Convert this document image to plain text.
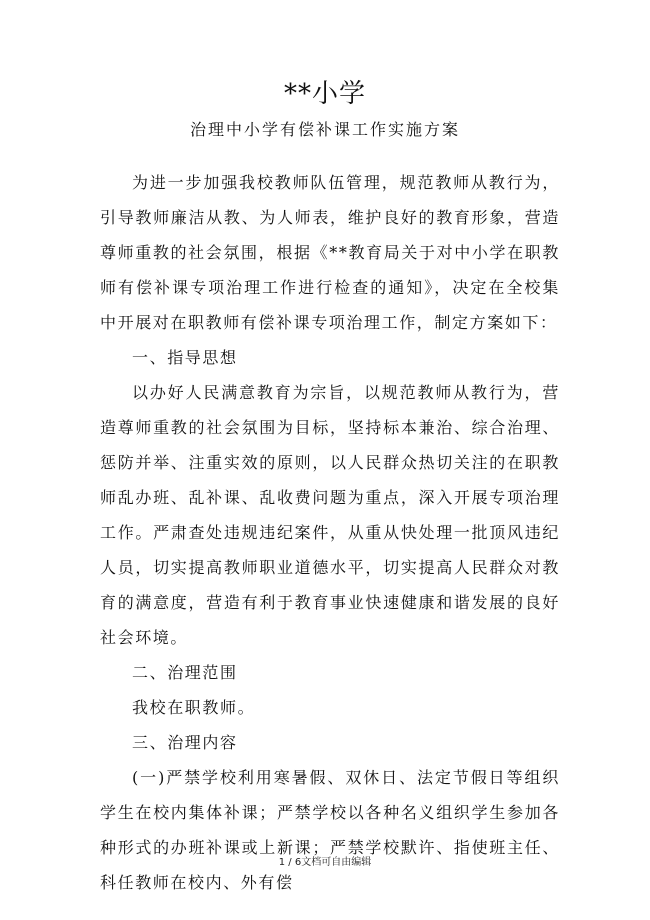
**小学
治理中小学有偿补课工作实施方案

为进一步加强我校教师队伍管理，规范教师从教行为，引导教师廉洁从教、为人师表，维护良好的教育形象，营造尊师重教的社会氛围，根据《**教育局关于对中小学在职教师有偿补课专项治理工作进行检查的通知》，决定在全校集中开展对在职教师有偿补课专项治理工作，制定方案如下：

一、指导思想

以办好人民满意教育为宗旨，以规范教师从教行为，营造尊师重教的社会氛围为目标，坚持标本兼治、综合治理、惩防并举、注重实效的原则，以人民群众热切关注的在职教师乱办班、乱补课、乱收费问题为重点，深入开展专项治理工作。严肃查处违规违纪案件，从重从快处理一批顶风违纪人员，切实提高教师职业道德水平，切实提高人民群众对教育的满意度，营造有利于教育事业快速健康和谐发展的良好社会环境。

二、治理范围

我校在职教师。

三、治理内容

(一)严禁学校利用寒暑假、双休日、法定节假日等组织学生在校内集体补课；严禁学校以各种名义组织学生参加各种形式的办班补课或上新课；严禁学校默许、指使班主任、科任教师在校内、外有偿

1 / 6文档可自由编辑
